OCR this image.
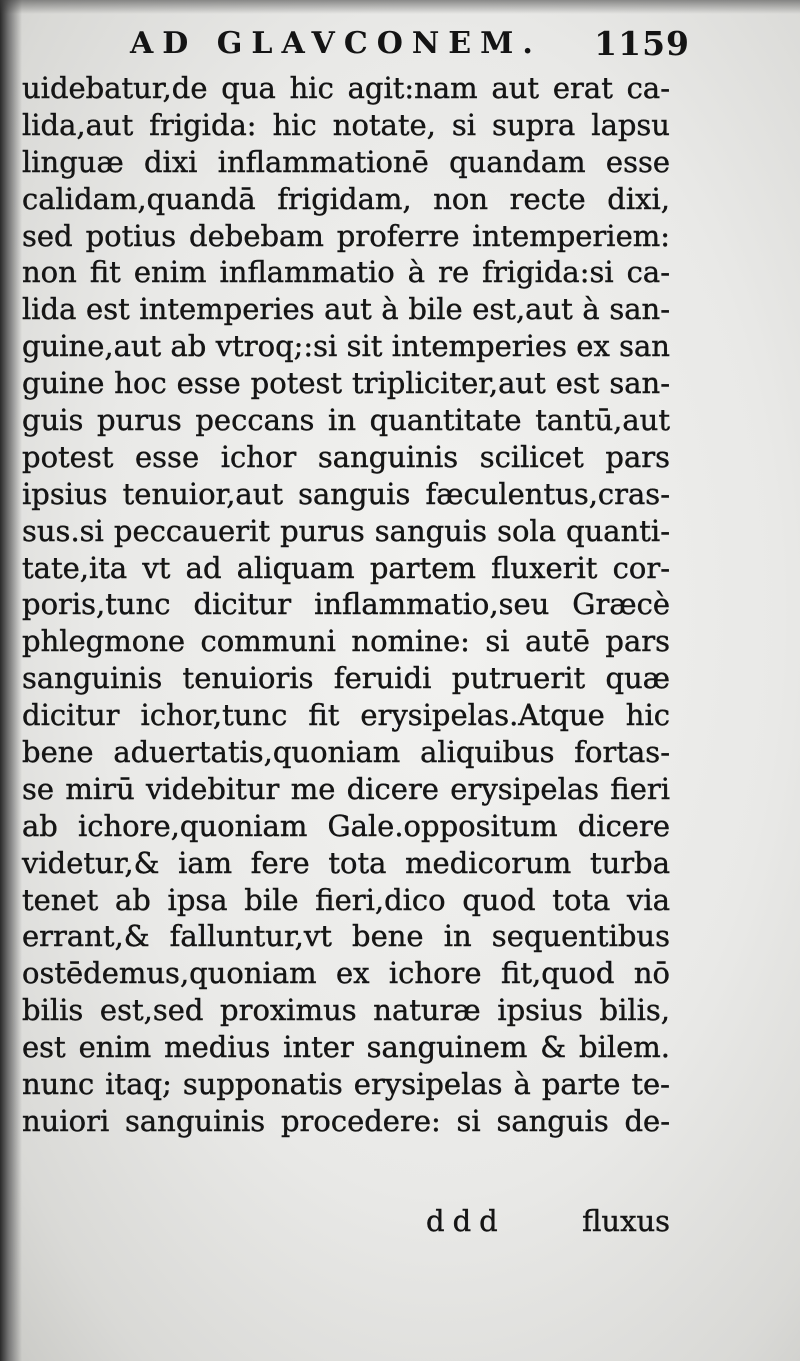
AD GLAVCONEM. 1159
uidebatur,de qua hic agit:nam aut erat ca-
lida,aut frigida: hic notate, si supra lapsu
linguæ dixi inflammationē quandam esse
calidam,quandā frigidam, non recte dixi,
sed potius debebam proferre intemperiem:
non fit enim inflammatio à re frigida:si ca-
lida est intemperies aut à bile est,aut à san-
guine,aut ab vtroq;:si sit intemperies ex san
guine hoc esse potest tripliciter,aut est san-
guis purus peccans in quantitate tantū,aut
potest esse ichor sanguinis scilicet pars
ipsius tenuior,aut sanguis fæculentus,cras-
sus.si peccauerit purus sanguis sola quanti-
tate,ita vt ad aliquam partem fluxerit cor-
poris,tunc dicitur inflammatio,seu Græcè
phlegmone communi nomine: si autē pars
sanguinis tenuioris feruidi putruerit quæ
dicitur ichor,tunc fit erysipelas.Atque hic
bene aduertatis,quoniam aliquibus fortas-
se mirū videbitur me dicere erysipelas fieri
ab ichore,quoniam Gale.oppositum dicere
videtur,& iam fere tota medicorum turba
tenet ab ipsa bile fieri,dico quod tota via
errant,& falluntur,vt bene in sequentibus
ostēdemus,quoniam ex ichore fit,quod nō
bilis est,sed proximus naturæ ipsius bilis,
est enim medius inter sanguinem & bilem.
nunc itaq; supponatis erysipelas à parte te-
nuiori sanguinis procedere: si sanguis de-
ddd	fluxus
